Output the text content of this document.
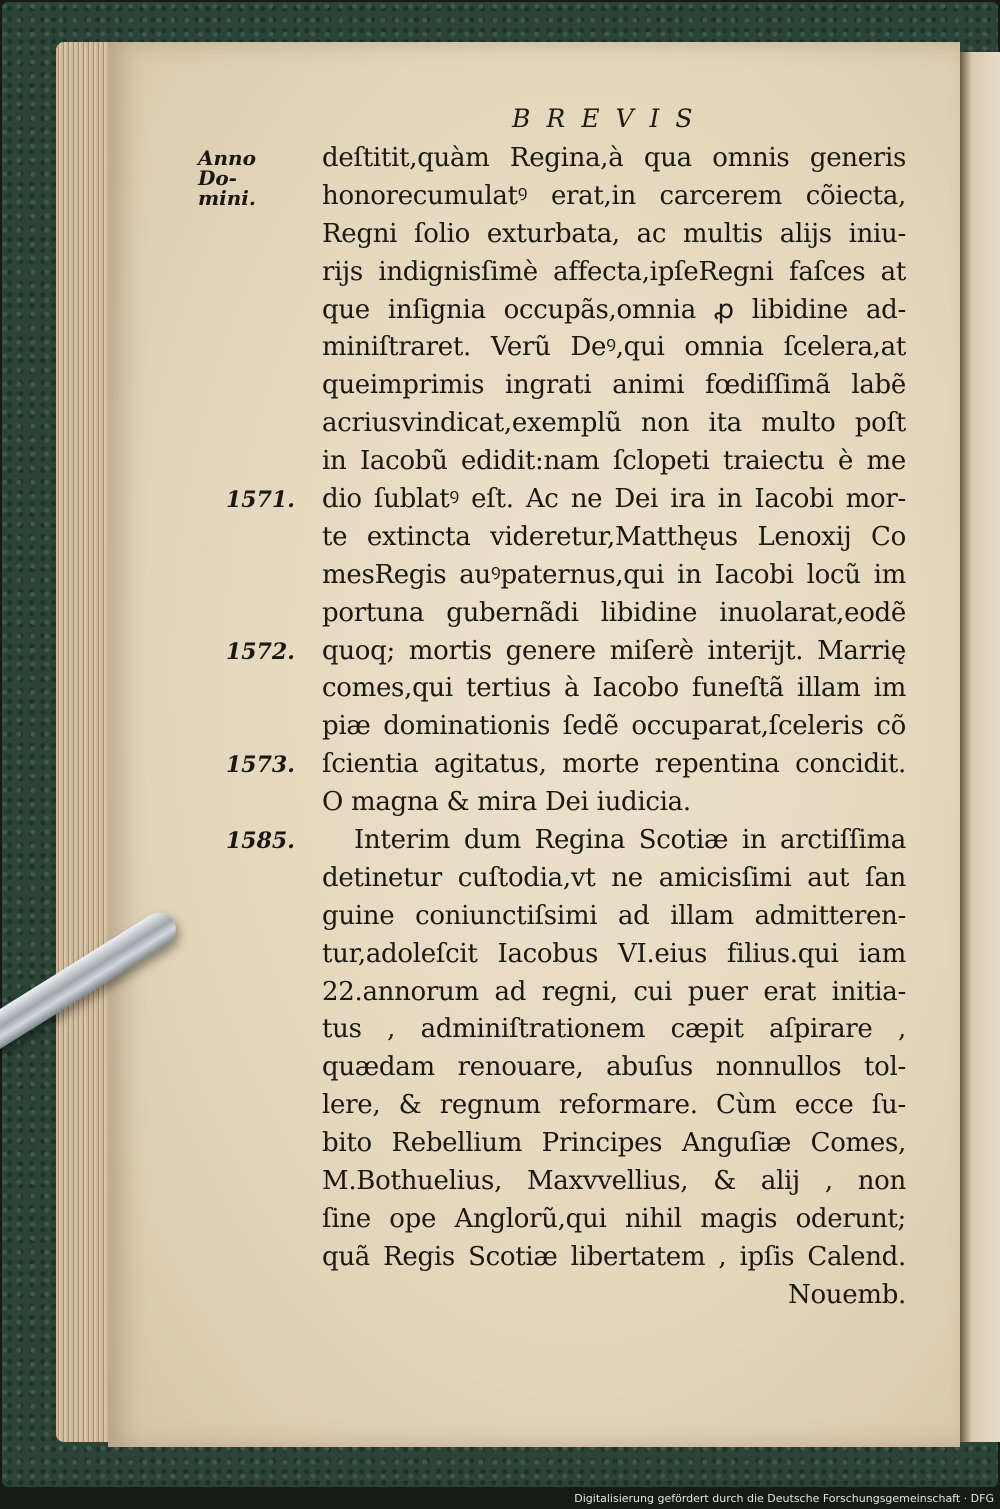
BREVIS
Anno Do- mini.
1571.
1572.
1573.
1585.
deſtitit,quàm Regina,à qua omnis generis
honorecumulatꝰ erat,in carcerem cõiecta,
Regni ſolio exturbata, ac multis alijs iniu-
rijs indignisſimè affecta,ipſeRegni faſces at
que inſignia occupãs,omnia ꝓ libidine ad-
miniſtraret. Verũ Deꝰ,qui omnia ſcelera,at
queimprimis ingrati animi fœdiſſimã labẽ
acriusvindicat,exemplũ non ita multo poſt
in Iacobũ edidit:nam ſclopeti traiectu è me
dio ſublatꝰ eſt. Ac ne Dei ira in Iacobi mor-
te extincta videretur,Matthęus Lenoxij Co
mesRegis auꝰpaternus,qui in Iacobi locũ im
portuna gubernãdi libidine inuolarat,eodẽ
quoq; mortis genere miſerè interijt. Marrię
comes,qui tertius à Iacobo funeſtã illam im
piæ dominationis ſedẽ occuparat,ſceleris cõ
ſcientia agitatus, morte repentina concidit.
O magna & mira Dei iudicia.
Interim dum Regina Scotiæ in arctiſſima
detinetur cuſtodia,vt ne amicisſimi aut ſan
guine coniunctiſsimi ad illam admitteren-
tur,adoleſcit Iacobus VI.eius filius.qui iam
22.annorum ad regni, cui puer erat initia-
tus , adminiſtrationem cæpit aſpirare ,
quædam renouare, abuſus nonnullos tol-
lere, & regnum reformare. Cùm ecce ſu-
bito Rebellium Principes Anguſiæ Comes,
M.Bothuelius, Maxvvellius, & alij , non
ſine ope Anglorũ,qui nihil magis oderunt;
quã Regis Scotiæ libertatem , ipſis Calend.
Nouemb.
Digitalisierung gefördert durch die Deutsche Forschungsgemeinschaft · DFG
